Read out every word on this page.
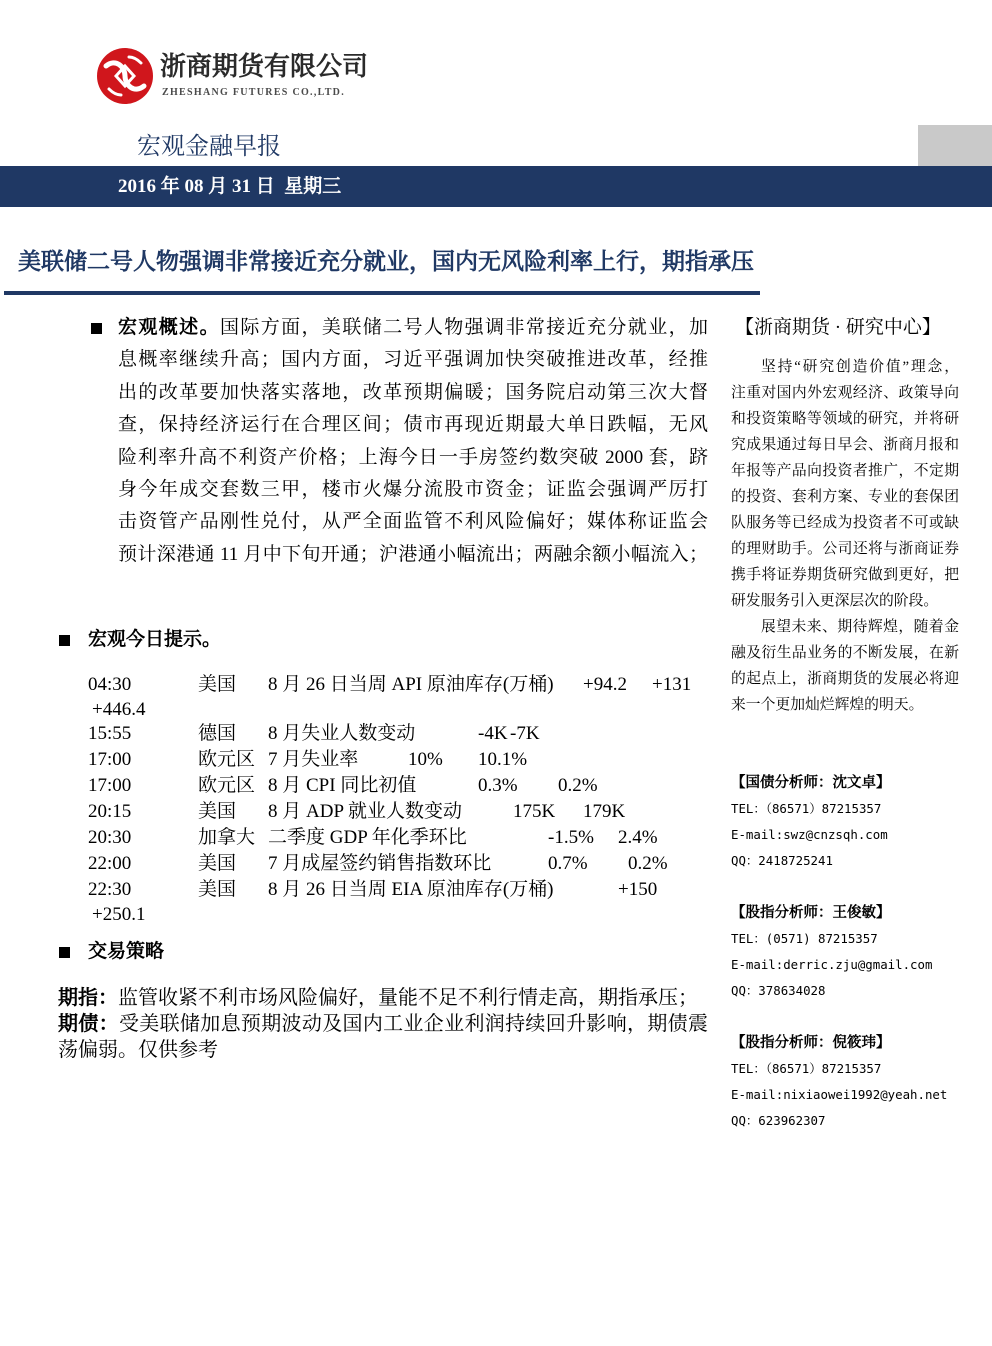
浙商期货有限公司
ZHESHANG FUTURES CO.,LTD.
宏观金融早报
2016 年 08 月 31 日  星期三
美联储二号人物强调非常接近充分就业，国内无风险利率上行，期指承压
宏观概述。国际方面，美联储二号人物强调非常接近充分就业，加
息概率继续升高；国内方面，习近平强调加快突破推进改革，经推
出的改革要加快落实落地，改革预期偏暖；国务院启动第三次大督
查，保持经济运行在合理区间；债市再现近期最大单日跌幅，无风
险利率升高不利资产价格；上海今日一手房签约数突破 2000 套，跻
身今年成交套数三甲，楼市火爆分流股市资金；证监会强调严厉打
击资管产品刚性兑付，从严全面监管不利风险偏好；媒体称证监会
预计深港通 11 月中下旬开通；沪港通小幅流出；两融余额小幅流入；
宏观今日提示。
04:30	美国 8 月 26 日当周 API 原油库存(万桶) +94.2 +131
+446.4
15:55	德国 8 月失业人数变动	-4K -7K
17:00	欧元区 7 月失业率	10% 10.1%
17:00	欧元区 8 月 CPI 同比初值	0.3% 0.2%
20:15	美国 8 月 ADP 就业人数变动	175K 179K
20:30	加拿大 二季度 GDP 年化季环比	-1.5% 2.4%
22:00	美国 7 月成屋签约销售指数环比	0.7% 0.2%
22:30	美国 8 月 26 日当周 EIA 原油库存(万桶)	+150
+250.1
交易策略
期指：监管收紧不利市场风险偏好，量能不足不利行情走高，期指承压；
期债：受美联储加息预期波动及国内工业企业利润持续回升影响，期债震
荡偏弱。仅供参考
【浙商期货 · 研究中心】
坚持“研究创造价值”理念，
注重对国内外宏观经济、政策导向
和投资策略等领域的研究，并将研
究成果通过每日早会、浙商月报和
年报等产品向投资者推广，不定期
的投资、套利方案、专业的套保团
队服务等已经成为投资者不可或缺
的理财助手。公司还将与浙商证券
携手将证券期货研究做到更好，把
研发服务引入更深层次的阶段。
展望未来、期待辉煌，随着金
融及衍生品业务的不断发展，在新
的起点上，浙商期货的发展必将迎
来一个更加灿烂辉煌的明天。
【国债分析师：沈文卓】
TEL：（86571）87215357
E-mail:swz@cnzsqh.com
QQ：2418725241
【股指分析师：王俊敏】
TEL：(0571) 87215357
E-mail:derric.zju@gmail.com
QQ：378634028
【股指分析师：倪筱玮】
TEL：（86571）87215357
E-mail:nixiaowei1992@yeah.net
QQ：623962307
